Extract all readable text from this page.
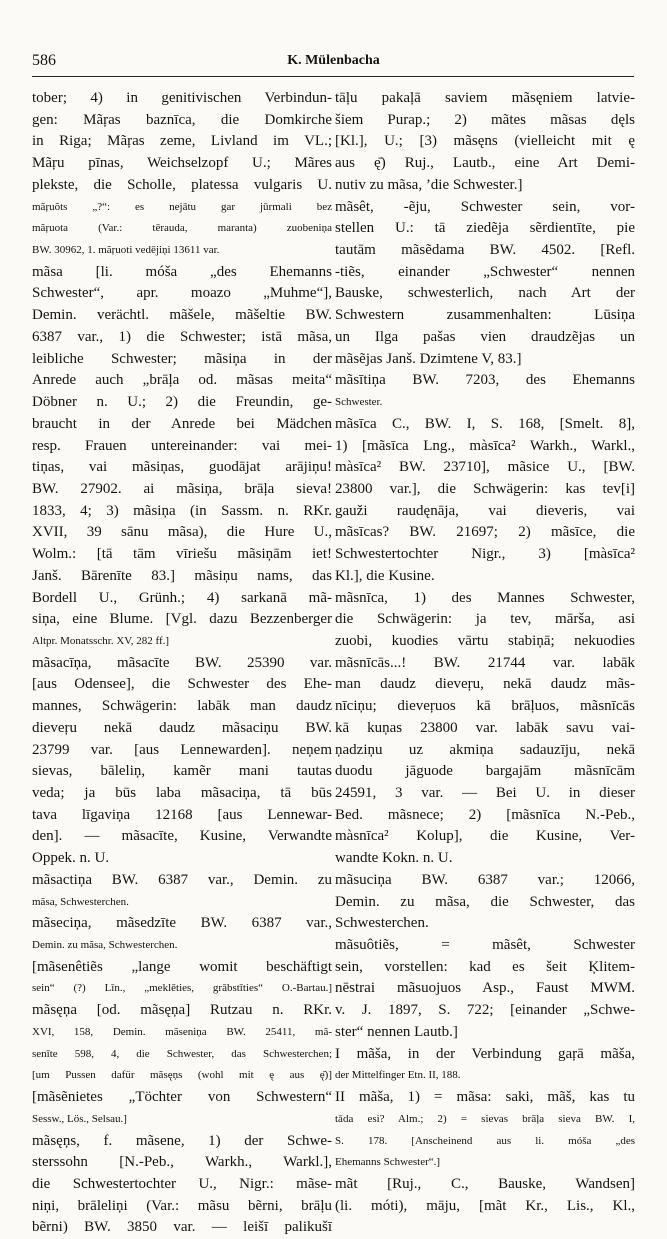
586	K. Mülenbacha
tober; 4) in genitivischen Verbindun-
gen: Mãŗas baznīca, die Domkirche
in Riga; Mãŗas zeme, Livland im VL.;
Mãŗu pīnas, Weichselzopf U.; Mãres
plekste, die Scholle, platessa vulgaris U.
mãŗuõts „?“: es nejātu gar jūrmali bez
mãŗuota (Var.: tērauda, maranta) zuobeniņa
BW. 30962, 1. mãŗuoti vedējiņi 13611 var.
mãsa [li. móša „des Ehemanns
Schwester“, apr. moazo „Muhme“],
Demin. verächtl. mãšele, mãšeltie BW.
6387 var., 1) die Schwester; istā mãsa,
leibliche Schwester; mãsiņa in der
Anrede auch „brāļa od. mãsas meita“
Döbner n. U.; 2) die Freundin, ge-
braucht in der Anrede bei Mädchen
resp. Frauen untereinander: vai mei-
tiņas, vai mãsiņas, guodājat arājiņu!
BW. 27902. ai mãsiņa, brāļa sieva!
1833, 4; 3) mãsiņa (in Sassm. n. RKr.
XVII, 39 sānu mãsa), die Hure U.,
Wolm.: [tā tām vīriešu mãsiņām iet!
Janš. Bārenīte 83.] mãsiņu nams, das
Bordell U., Grünh.; 4) sarkanā mã-
siņa, eine Blume. [Vgl. dazu Bezzenberger
Altpr. Monatsschr. XV, 282 ff.]
mãsacīņa, mãsacīte BW. 25390 var.
[aus Odensee], die Schwester des Ehe-
mannes, Schwägerin: labāk man daudz
dieveŗu nekā daudz mãsaciņu BW.
23799 var. [aus Lennewarden]. neņem
sievas, bāleliņ, kamẽr mani tautas
veda; ja būs laba mãsaciņa, tā būs
tava līgaviņa 12168 [aus Lennewar-
den]. — mãsacīte, Kusine, Verwandte
Oppek. n. U.
mãsactiņa BW. 6387 var., Demin. zu
mãsa, Schwesterchen.
mãseciņa, mãsedzīte BW. 6387 var.,
Demin. zu mãsa, Schwesterchen.
[mãsenêtiẽs „lange womit beschäftigt
sein“ (?) Līn., „meklēties, grābstīties“ O.-Bartau.]
mãsęņa [od. mãsęņa] Rutzau n. RKr.
XVI, 158, Demin. mãseniņa BW. 25411, mã-
senīte 598, 4, die Schwester, das Schwesterchen;
[um Pussen dafür mãsęņs (wohl mit ę aus ę̄)]
[mãsẽnietes „Töchter von Schwestern“
Sessw., Lös., Selsau.]
mãsęņs, f. mãsene, 1) der Schwe-
sterssohn [N.-Peb., Warkh., Warkl.],
die Schwestertochter U., Nigr.: mãse-
niņi, brāleliņi (Var.: mãsu bẽrni, brāļu
bẽrni) BW. 3850 var. — leišī palikušī
tāļu pakaļā saviem mãsęniem latvie-
šiem Purap.; 2) mãtes mãsas dęls
[Kl.], U.; [3) mãsęns (vielleicht mit ę
aus ę̄) Ruj., Lautb., eine Art Demi-
nutiv zu mãsa, ’die Schwester.]
mãsêt, -ẽju, Schwester sein, vor-
stellen U.: tā ziedẽja sẽrdientīte, pie
tautām mãsẽdama BW. 4502. [Refl.
-tiẽs, einander „Schwester“ nennen
Bauske, schwesterlich, nach Art der
Schwestern zusammenhalten: Lūsiņa
un Ilga pašas vien draudzẽjas un
mãsẽjas Janš. Dzimtene V, 83.]
mãsītiņa BW. 7203, des Ehemanns
Schwester.
mãsīca C., BW. I, S. 168, [Smelt. 8],
1) [mãsīca Lng., màsīca² Warkh., Warkl.,
màsīca² BW. 23710], mãsice U., [BW.
23800 var.], die Schwägerin: kas tev[i]
gauži raudęnāja, vai dieveris, vai
mãsīcas? BW. 21697; 2) mãsīce, die
Schwestertochter Nigr., 3) [màsīca²
Kl.], die Kusine.
mãsnīca, 1) des Mannes Schwester,
die Schwägerin: ja tev, mārša, asi
zuobi, kuodies vārtu stabiņā; nekuodies
mãsnīcās...! BW. 21744 var. labāk
man daudz dieveŗu, nekā daudz mãs-
nīciņu; dieveŗuos kā brāļuos, mãsnīcās
kā kuņas 23800 var. labāk savu vai-
ņadziņu uz akmiņa sadauzīju, nekā
duodu jāguode bargajām mãsnīcām
24591, 3 var. — Bei U. in dieser
Bed. mãsnece; 2) [mãsnīca N.-Peb.,
màsnīca² Kolup], die Kusine, Ver-
wandte Kokn. n. U.
mãsuciņa BW. 6387 var.; 12066,
Demin. zu mãsa, die Schwester, das
Schwesterchen.
mãsuôtiẽs, = mãsêt, Schwester
sein, vorstellen: kad es šeit Ķlitem-
nēstrai mãsuojuos Asp., Faust MWM.
v. J. 1897, S. 722; [einander „Schwe-
ster“ nennen Lautb.]
I mãša, in der Verbindung gaŗā mãša,
der Mittelfinger Etn. II, 188.
II mãša, 1) = mãsa: saki, mãš, kas tu
tāda esi? Alm.; 2) = sievas brāļa sieva BW. I,
S. 178. [Anscheinend aus li. móša „des
Ehemanns Schwester“.]
mãt [Ruj., C., Bauske, Wandsen]
(li. móti), māju, [mãt Kr., Lis., Kl.,
